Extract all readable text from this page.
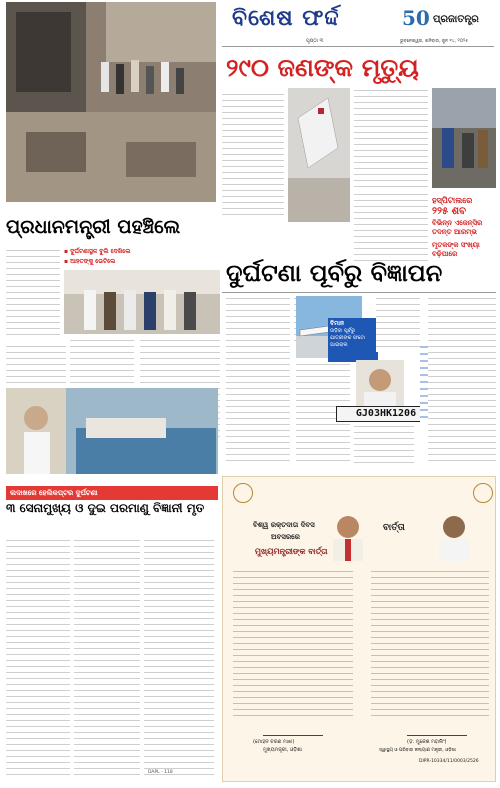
ବିଶେଷ ଫର୍ଦ୍ଦ	50 ପ୍ରଜାତନ୍ତ୍ର
ପୃଷ୍ଠା ୩	ଭୁବନେଶ୍ୱର, ଶନିବାର, ଜୁନ ୧୪, ୨୦୨୫
୨୯୦ ଜଣଙ୍କ ମୃତ୍ୟୁ
ହସ୍ପିଟାଲରେ
୨୨୫ ଶବ
ବିଭିନ୍ନ ଏଜେନ୍ସିର
ତଦନ୍ତ ଆରମ୍ଭ
ମୃତକଙ୍କ ସଂଖ୍ୟା
ବଢ଼ିପାରେ
ପ୍ରଧାନମନ୍ତ୍ରୀ ପହଞ୍ଚିଲେ
▪ ଦୁର୍ଘଟଣାସ୍ଥଳ ବୁଲି ଦେଖିଲେ
▪ ଆହତଙ୍କୁ ଭେଟିଲେ	ଦୁର୍ଘଟଣା ପୂର୍ବରୁ ବିଜ୍ଞାପନ
ବିମାନ
ଉଡ଼ିବା ପୂର୍ବରୁ
ଯାତ୍ରୀଙ୍କ ଫଟୋ
ଭାଇରାଲ
GJ03HK1206
ଲଦାଖରେ ହେଲିକପ୍ଟର ଦୁର୍ଘଟଣା
୩ ସେନାମୁଖ୍ୟ ଓ ଦୁଇ ପରମାଣୁ ବିଜ୍ଞାନୀ ମୃତ
ବିଶ୍ୱ ରକ୍ତଦାତା ଦିବସ
ଅବସରରେ
ମୁଖ୍ୟମନ୍ତ୍ରୀଙ୍କ ବାର୍ତ୍ତା
ବାର୍ତ୍ତା
(ମୋହନ ଚରଣ ମାଝୀ)
ମୁଖ୍ୟମନ୍ତ୍ରୀ, ଓଡ଼ିଶା
(ଡ଼. ମୁକେଶ ମହାଲିଂ)
ସ୍ୱାସ୍ଥ୍ୟ ଓ ପରିବାର କଲ୍ୟାଣ ମନ୍ତ୍ରୀ, ଓଡ଼ିଶା
DIPR-10334/11/0003/2526
DAPL - 118
